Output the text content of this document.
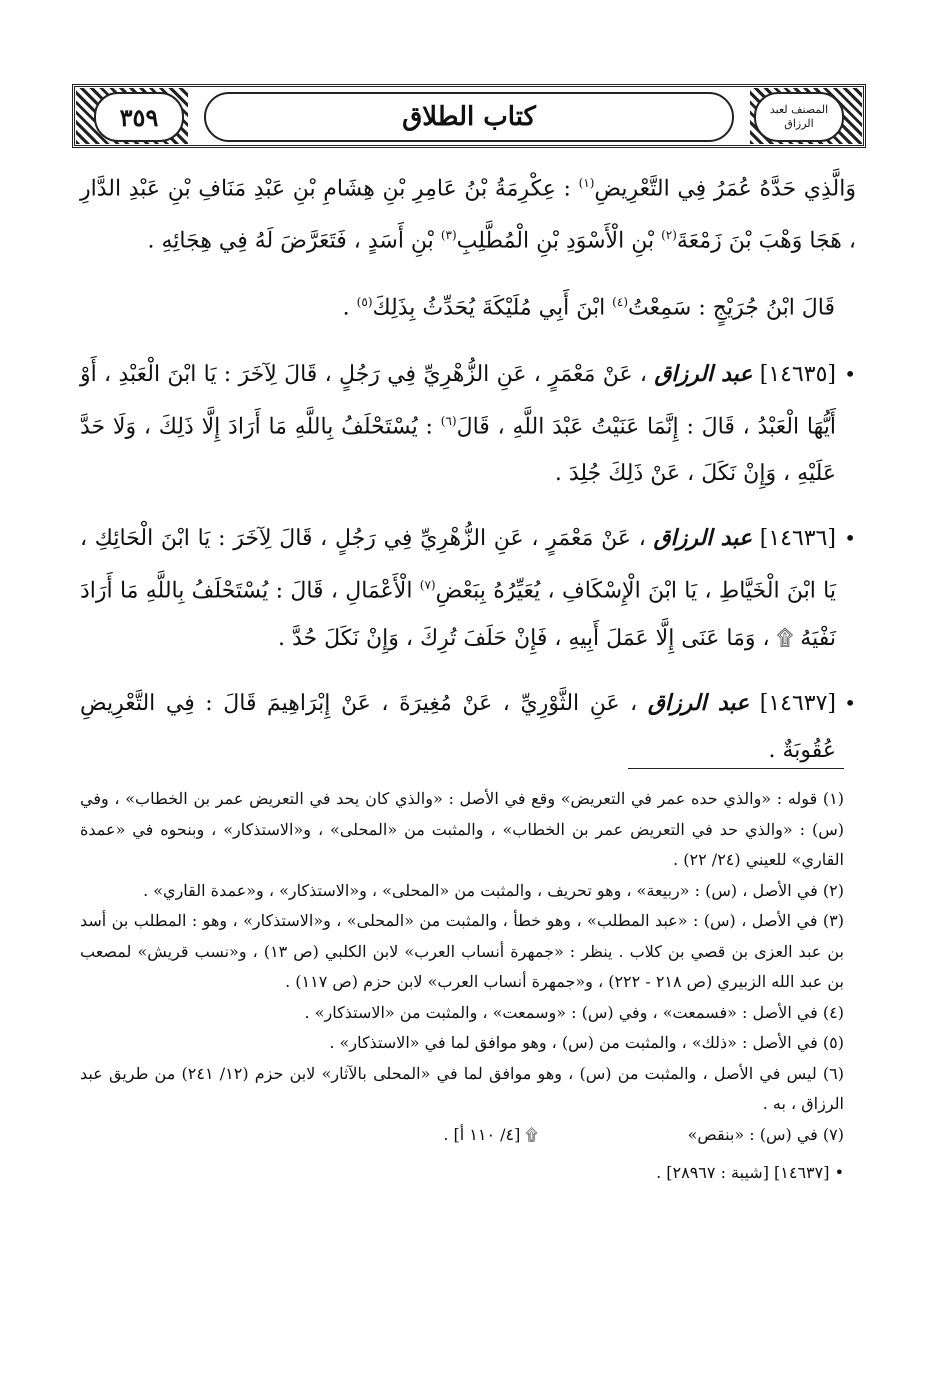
٣٥٩	كتاب الطلاق	المصنف لعبد الرزاق

وَالَّذِي حَدَّهُ عُمَرُ فِي التَّعْرِيضِ$^{(١)}$ : عِكْرِمَةُ بْنُ عَامِرِ بْنِ هِشَامِ بْنِ عَبْدِ مَنَافِ بْنِ عَبْدِ الدَّارِ ، هَجَا وَهْبَ بْنَ زَمْعَةَ$^{(٢)}$ بْنِ الْأَسْوَدِ بْنِ الْمُطَّلِبِ$^{(٣)}$ بْنِ أَسَدٍ ، فَتَعَرَّضَ لَهُ فِي هِجَائِهِ .

قَالَ ابْنُ جُرَيْجٍ : سَمِعْتُ$^{(٤)}$ ابْنَ أَبِي مُلَيْكَةَ يُحَدِّثُ بِذَلِكَ$^{(٥)}$ .

•
[١٤٦٣٥] عبد الرزاق ، عَنْ مَعْمَرٍ ، عَنِ الزُّهْرِيِّ فِي رَجُلٍ ، قَالَ لِآخَرَ : يَا ابْنَ الْعَبْدِ ، أَوْ أَيُّهَا الْعَبْدُ ، قَالَ : إِنَّمَا عَنَيْتُ عَبْدَ اللَّهِ ، قَالَ$^{(٦)}$ : يُسْتَحْلَفُ بِاللَّهِ مَا أَرَادَ إِلَّا ذَلِكَ ، وَلَا حَدَّ عَلَيْهِ ، وَإِنْ نَكَلَ ، عَنْ ذَلِكَ جُلِدَ .
•
[١٤٦٣٦] عبد الرزاق ، عَنْ مَعْمَرٍ ، عَنِ الزُّهْرِيِّ فِي رَجُلٍ ، قَالَ لِآخَرَ : يَا ابْنَ الْحَائِكِ ، يَا ابْنَ الْخَيَّاطِ ، يَا ابْنَ الْإِسْكَافِ ، يُعَيِّرُهُ بِبَعْضِ$^{(٧)}$ الْأَعْمَالِ ، قَالَ : يُسْتَحْلَفُ بِاللَّهِ مَا أَرَادَ نَفْيَهُ ۩ ، وَمَا عَنَى إِلَّا عَمَلَ أَبِيهِ ، فَإِنْ حَلَفَ تُرِكَ ، وَإِنْ نَكَلَ حُدَّ .
•
[١٤٦٣٧] عبد الرزاق ، عَنِ الثَّوْرِيِّ ، عَنْ مُغِيرَةَ ، عَنْ إِبْرَاهِيمَ قَالَ : فِي التَّعْرِيضِ عُقُوبَةٌ .

(١) قوله : «والذي حده عمر في التعريض» وقع في الأصل : «والذي كان يحد في التعريض عمر بن الخطاب» ، وفي (س) : «والذي حد في التعريض عمر بن الخطاب» ، والمثبت من «المحلى» ، و«الاستذكار» ، وبنحوه في «عمدة القاري» للعيني (٢٤/ ٢٢) .

(٢) في الأصل ، (س) : «ربيعة» ، وهو تحريف ، والمثبت من «المحلى» ، و«الاستذكار» ، و«عمدة القاري» .

(٣) في الأصل ، (س) : «عبد المطلب» ، وهو خطأ ، والمثبت من «المحلى» ، و«الاستذكار» ، وهو : المطلب بن أسد بن عبد العزى بن قصي بن كلاب . ينظر : «جمهرة أنساب العرب» لابن الكلبي (ص ١٣) ، و«نسب قريش» لمصعب بن عبد الله الزبيري (ص ٢١٨ - ٢٢٢) ، و«جمهرة أنساب العرب» لابن حزم (ص ١١٧) .

(٤) في الأصل : «فسمعت» ، وفي (س) : «وسمعت» ، والمثبت من «الاستذكار» .

(٥) في الأصل : «ذلك» ، والمثبت من (س) ، وهو موافق لما في «الاستذكار» .

(٦) ليس في الأصل ، والمثبت من (س) ، وهو موافق لما في «المحلى بالآثار» لابن حزم (١٢/ ٢٤١) من طريق عبد الرزاق ، به .

(٧) في (س) : «بنقص»
۩ [٤/ ١١٠ أ] .

• [١٤٦٣٧] [شيبة : ٢٨٩٦٧] .
